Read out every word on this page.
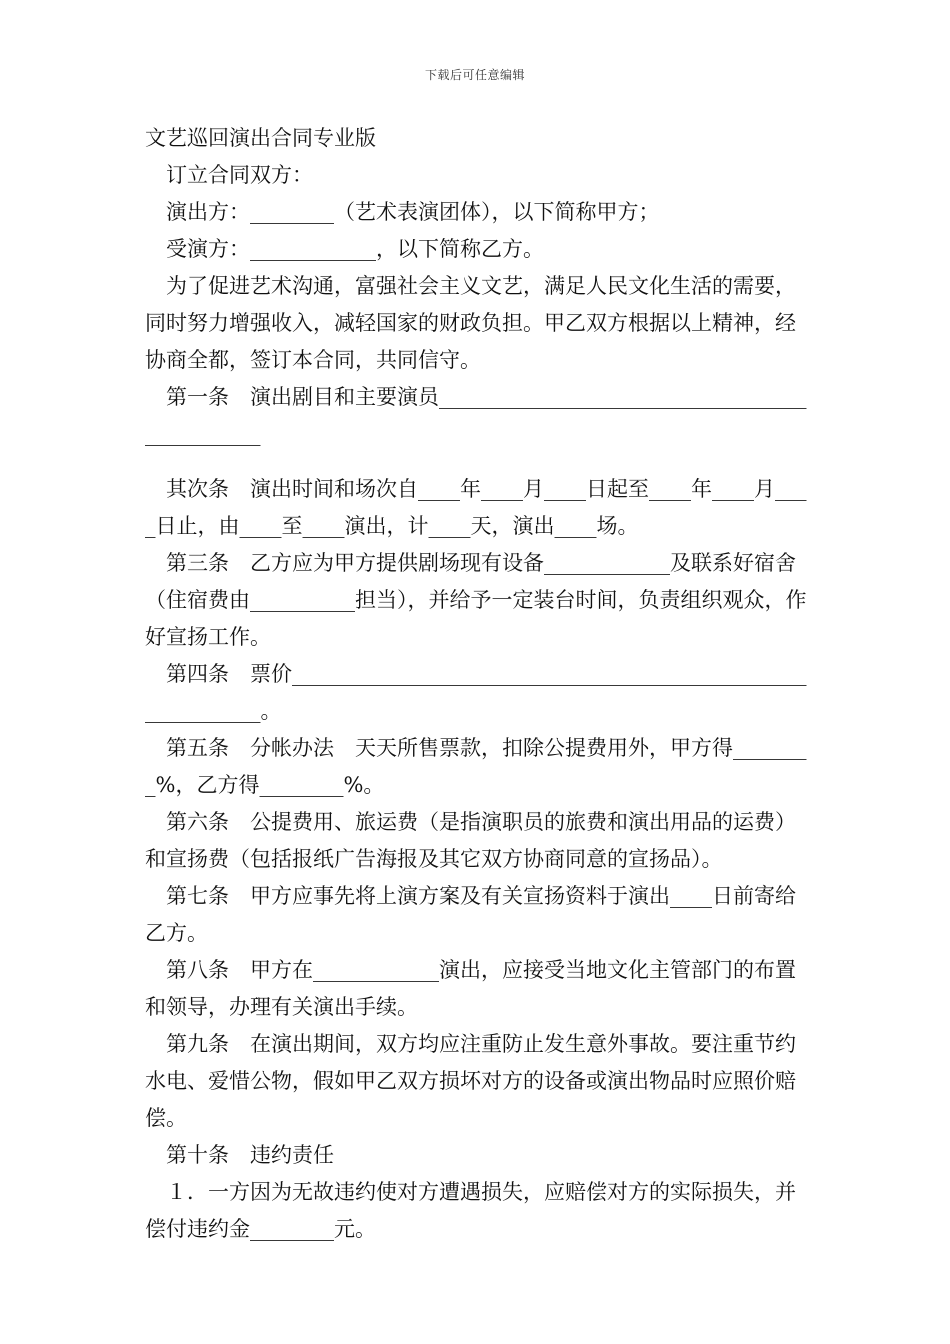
下载后可任意编辑

文艺巡回演出合同专业版

订立合同双方：

演出方：________（艺术表演团体），以下简称甲方；

受演方：____________，以下简称乙方。

为了促进艺术沟通，富强社会主义文艺，满足人民文化生活的需要，同时努力增强收入，减轻国家的财政负担。甲乙双方根据以上精神，经协商全都，签订本合同，共同信守。

第一条　演出剧目和主要演员______________________________________________

其次条　演出时间和场次自____年____月____日起至____年____月____日止，由____至____演出，计____天，演出____场。

第三条　乙方应为甲方提供剧场现有设备____________及联系好宿舍（住宿费由__________担当），并给予一定装台时间，负责组织观众，作好宣扬工作。

第四条　票价____________________________________________________________。

第五条　分帐办法　天天所售票款，扣除公提费用外，甲方得________%，乙方得________%。

第六条　公提费用、旅运费（是指演职员的旅费和演出用品的运费）和宣扬费（包括报纸广告海报及其它双方协商同意的宣扬品）。

第七条　甲方应事先将上演方案及有关宣扬资料于演出____日前寄给乙方。

第八条　甲方在____________演出，应接受当地文化主管部门的布置和领导，办理有关演出手续。

第九条　在演出期间，双方均应注重防止发生意外事故。要注重节约水电、爱惜公物，假如甲乙双方损坏对方的设备或演出物品时应照价赔偿。

第十条　违约责任

１．一方因为无故违约使对方遭遇损失，应赔偿对方的实际损失，并偿付违约金________元。
